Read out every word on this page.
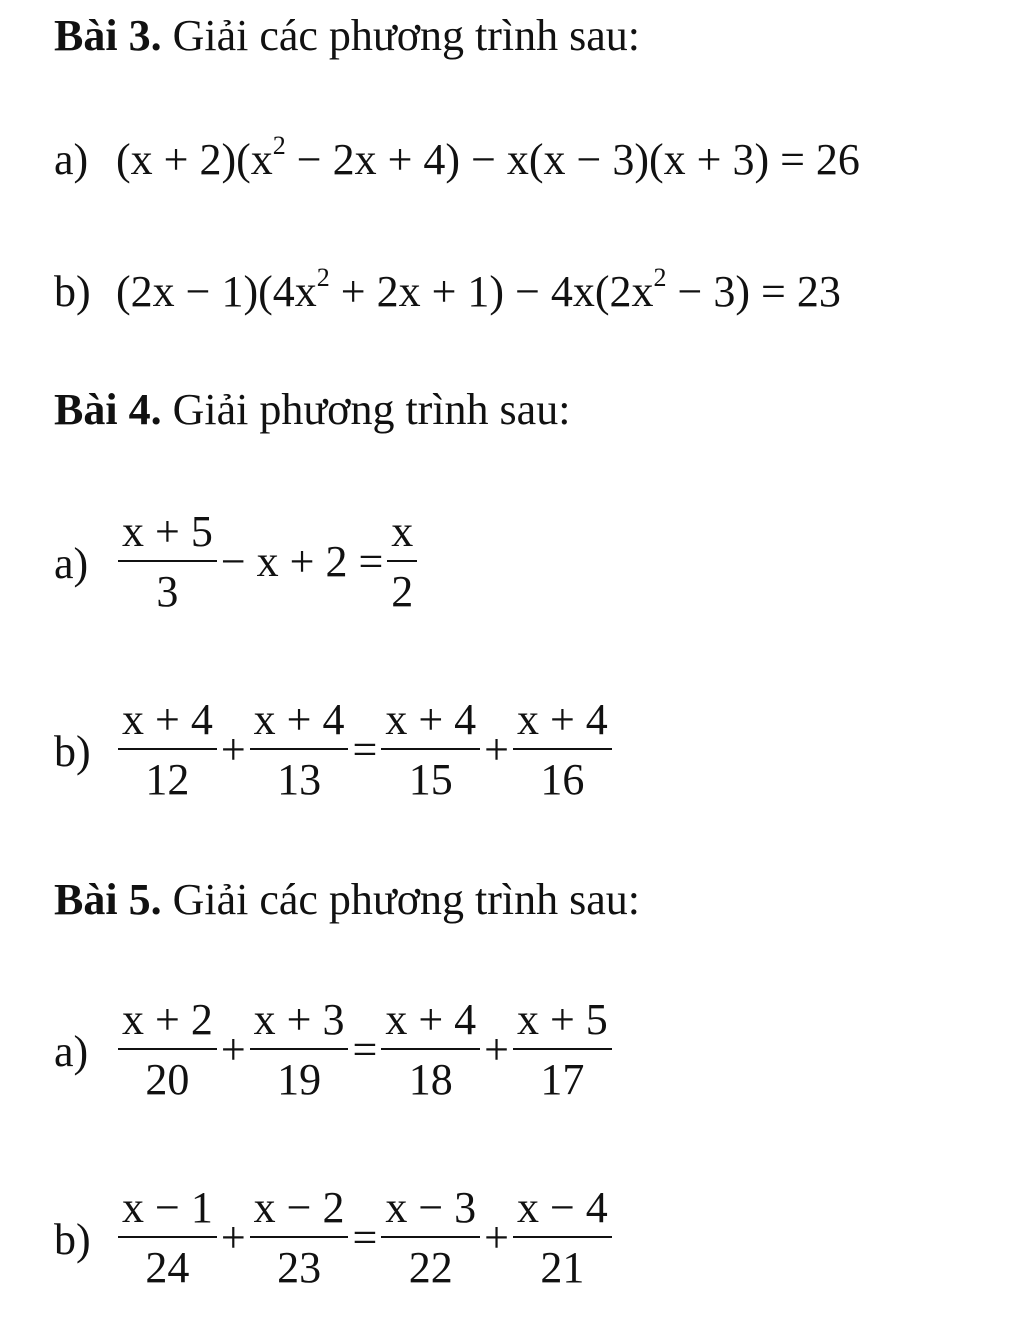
Bài 3. Giải các phương trình sau:
a) $(x + 2)(x^2 - 2x + 4) - x(x - 3)(x + 3) = 26$
b) $(2x - 1)(4x^2 + 2x + 1) - 4x(2x^2 - 3) = 23$
Bài 4. Giải phương trình sau:
$a) \frac{x + 5}{3} - x + 2 = \frac{x}{2}$
$b) \frac{x + 4}{12} + \frac{x + 4}{13} = \frac{x + 4}{15} + \frac{x + 4}{16}$
Bài 5. Giải các phương trình sau:
$a) \frac{x + 2}{20} + \frac{x + 3}{19} = \frac{x + 4}{18} + \frac{x + 5}{17}$
$b) \frac{x - 1}{24} + \frac{x - 2}{23} = \frac{x - 3}{22} + \frac{x - 4}{21}$
